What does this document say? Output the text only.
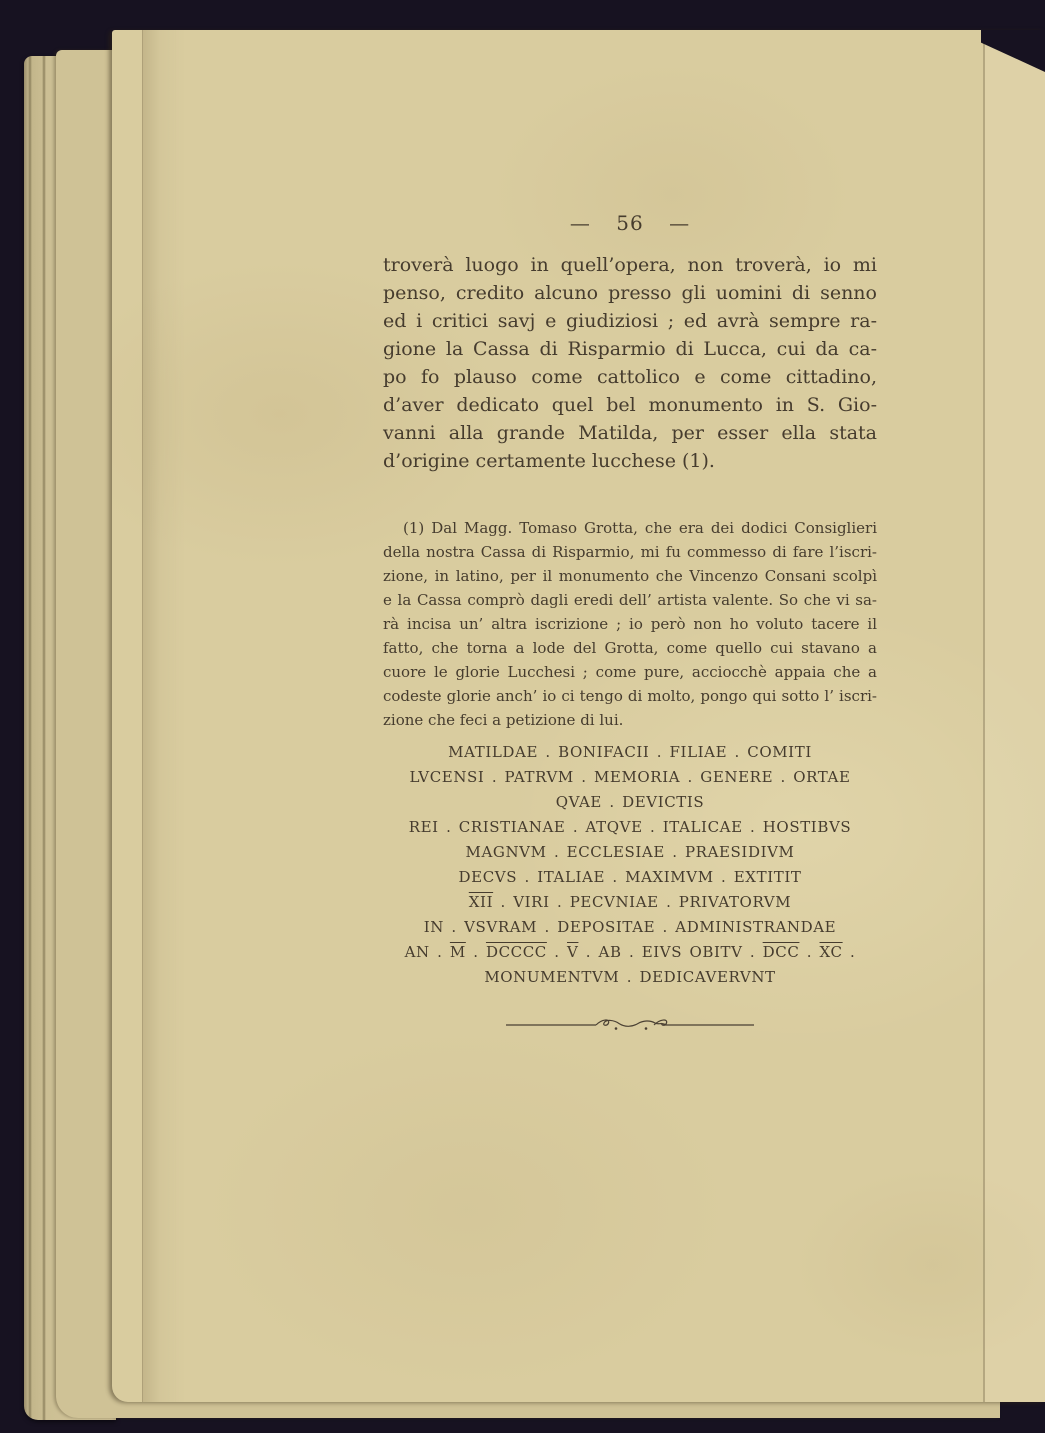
— 56 —
troverà luogo in quell’opera, non troverà, io mi
penso, credito alcuno presso gli uomini di senno
ed i critici savj e giudiziosi ; ed avrà sempre ra-
gione la Cassa di Risparmio di Lucca, cui da ca-
po fo plauso come cattolico e come cittadino,
d’aver dedicato quel bel monumento in S. Gio-
vanni alla grande Matilda, per esser ella stata
d’origine certamente lucchese (1).
(1) Dal Magg. Tomaso Grotta, che era dei dodici Consiglieri
della nostra Cassa di Risparmio, mi fu commesso di fare l’iscri-
zione, in latino, per il monumento che Vincenzo Consani scolpì
e la Cassa comprò dagli eredi dell’ artista valente. So che vi sa-
rà incisa un’ altra iscrizione ; io però non ho voluto tacere il
fatto, che torna a lode del Grotta, come quello cui stavano a
cuore le glorie Lucchesi ; come pure, acciocchè appaia che a
codeste glorie anch’ io ci tengo di molto, pongo qui sotto l’ iscri-
zione che feci a petizione di lui.
MATILDAE . BONIFACII . FILIAE . COMITI
LVCENSI . PATRVM . MEMORIA . GENERE . ORTAE
QVAE . DEVICTIS
REI . CRISTIANAE . ATQVE . ITALICAE . HOSTIBVS
MAGNVM . ECCLESIAE . PRAESIDIVM
DECVS . ITALIAE . MAXIMVM . EXTITIT
$\overline{XII}$ . VIRI . PECVNIAE . PRIVATORVM
IN . VSVRAM . DEPOSITAE . ADMINISTRANDAE
AN . $\overline{M}$ . DCCCC . $\overline{V}$ . AB . EIVS OBITV . $\overline{DCC}$ . $\overline{XC}$ .
MONUMENTVM . DEDICAVERVNT
